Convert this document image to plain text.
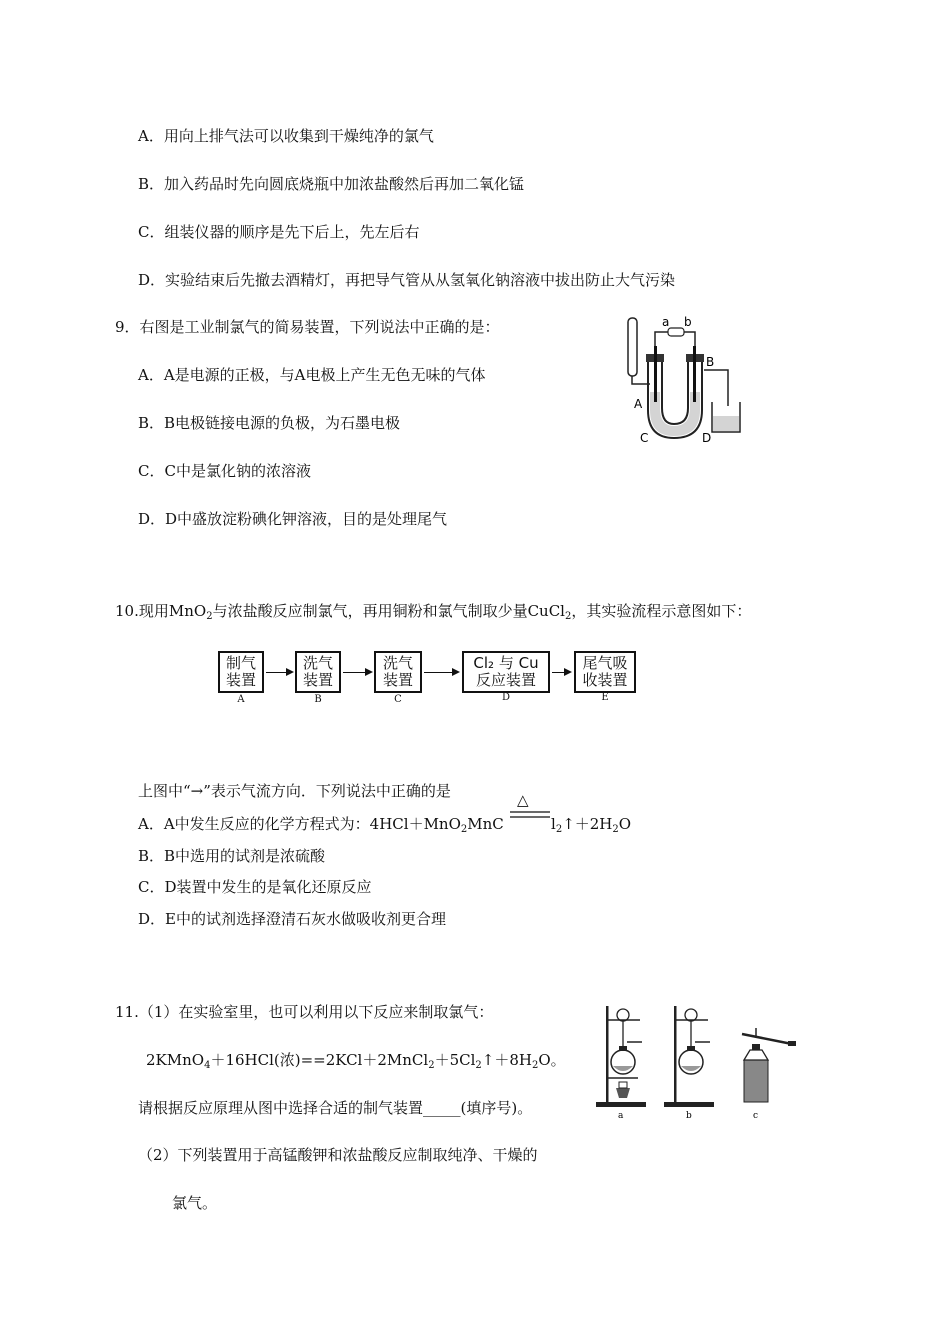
A．用向上排气法可以收集到干燥纯净的氯气
B．加入药品时先向圆底烧瓶中加浓盐酸然后再加二氧化锰
C．组装仪器的顺序是先下后上，先左后右
D．实验结束后先撤去酒精灯，再把导气管从从氢氧化钠溶液中拔出防止大气污染
9．右图是工业制氯气的简易装置，下列说法中正确的是：
A．A是电源的正极，与A电极上产生无色无味的气体
B．B电极链接电源的负极，为石墨电极
C．C中是氯化钠的浓溶液
D．D中盛放淀粉碘化钾溶液，目的是处理尾气
a b
B
A
C	D
10.现用MnO$_2$与浓盐酸反应制氯气，再用铜粉和氯气制取少量CuCl$_2$，其实验流程示意图如下：
制气
装置
洗气
装置
洗气
装置
Cl₂ 与 Cu
反应装置
尾气吸
收装置
A	B	C	D	E
上图中“→”表示气流方向．下列说法中正确的是	△
A．A中发生反应的化学方程式为：4HCl＋MnO$_2$MnC	$l_2↑+2H_2O$
B．B中选用的试剂是浓硫酸
C．D装置中发生的是氧化还原反应
D．E中的试剂选择澄清石灰水做吸收剂更合理
11.（1）在实验室里，也可以利用以下反应来制取氯气：
2KMnO$_4$＋16HCl(浓)$==2KCl+2MnCl_2+5Cl_2↑+8H_2O$。
请根据反应原理从图中选择合适的制气装置_____(填序号)。
（2）下列装置用于高锰酸钾和浓盐酸反应制取纯净、干燥的
氯气。
a	b	c
